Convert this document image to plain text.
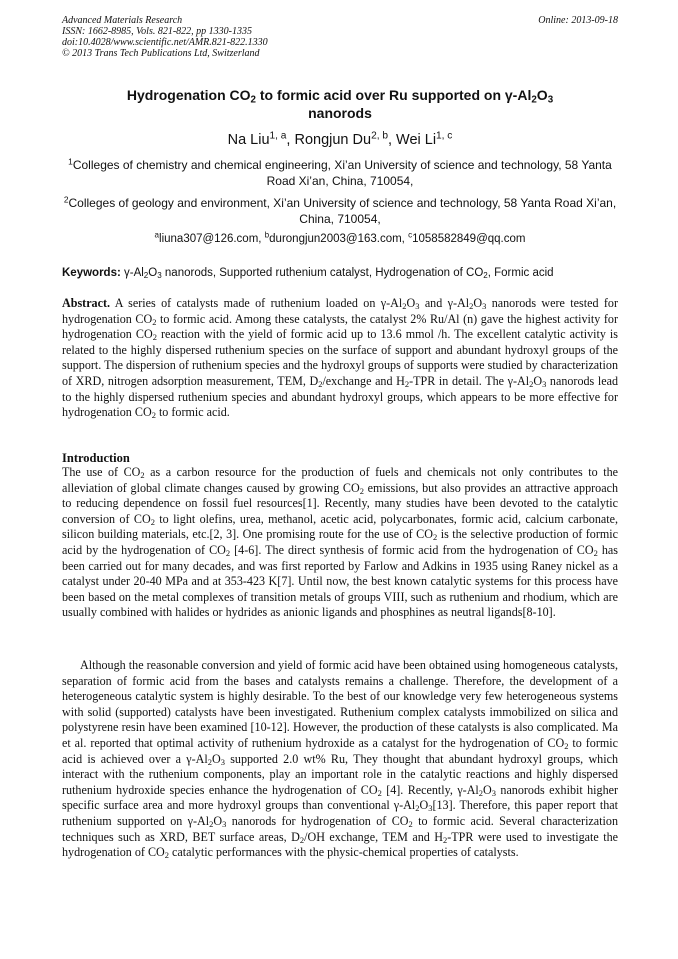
Advanced Materials Research
ISSN: 1662-8985, Vols. 821-822, pp 1330-1335
doi:10.4028/www.scientific.net/AMR.821-822.1330
© 2013 Trans Tech Publications Ltd, Switzerland
Online: 2013-09-18
Hydrogenation $CO_2$ to formic acid over Ru supported on $\gamma-Al_2O_3$
nanorods
Na Liu$^{1, a}$, Rongjun Du$^{2, b}$, Wei Li$^{1, c}$
$^1$Colleges of chemistry and chemical engineering, Xi’an University of science and technology, 58 Yanta Road Xi’an, China, 710054,
$^2$Colleges of geology and environment, Xi’an University of science and technology, 58 Yanta Road Xi’an, China, 710054,
$^a$liuna307@126.com, $^b$durongjun2003@163.com, $^c$1058582849@qq.com
Keywords: $\gamma-Al_2O_3$ nanorods, Supported ruthenium catalyst, Hydrogenation of $CO_2$, Formic acid
Abstract. A series of catalysts made of ruthenium loaded on $\gamma-Al_2O_3$ and $\gamma-Al_2O_3$ nanorods were tested for hydrogenation $CO_2$ to formic acid. Among these catalysts, the catalyst 2% Ru/Al (n) gave the highest activity for hydrogenation $CO_2$ reaction with the yield of formic acid up to 13.6 mmol /h. The excellent catalytic activity is related to the highly dispersed ruthenium species on the surface of support and abundant hydroxyl groups of the support. The dispersion of ruthenium species and the hydroxyl groups of supports were studied by characterization of XRD, nitrogen adsorption measurement, TEM, $D_2$/exchange and $H_2$-TPR in detail. The $\gamma-Al_2O_3$ nanorods lead to the highly dispersed ruthenium species and abundant hydroxyl groups, which appears to be more effective for hydrogenation $CO_2$ to formic acid.
Introduction
The use of $CO_2$ as a carbon resource for the production of fuels and chemicals not only contributes to the alleviation of global climate changes caused by growing $CO_2$ emissions, but also provides an attractive approach to reducing dependence on fossil fuel resources[1]. Recently, many studies have been devoted to the catalytic conversion of $CO_2$ to light olefins, urea, methanol, acetic acid, polycarbonates, formic acid, calcium carbonate, silicon building materials, etc.[2, 3]. One promising route for the use of $CO_2$ is the selective production of formic acid by the hydrogenation of $CO_2$ [4-6]. The direct synthesis of formic acid from the hydrogenation of $CO_2$ has been carried out for many decades, and was first reported by Farlow and Adkins in 1935 using Raney nickel as a catalyst under 20-40 MPa and at 353-423 K[7]. Until now, the best known catalytic systems for this process have been based on the metal complexes of transition metals of groups VIII, such as ruthenium and rhodium, which are usually combined with halides or hydrides as anionic ligands and phosphines as neutral ligands[8-10].
Although the reasonable conversion and yield of formic acid have been obtained using homogeneous catalysts, separation of formic acid from the bases and catalysts remains a challenge. Therefore, the development of a heterogeneous catalytic system is highly desirable. To the best of our knowledge very few heterogeneous systems with solid (supported) catalysts have been investigated. Ruthenium complex catalysts immobilized on silica and polystyrene resin have been examined [10-12]. However, the production of these catalysts is also complicated. Ma et al. reported that optimal activity of ruthenium hydroxide as a catalyst for the hydrogenation of $CO_2$ to formic acid is achieved over a $\gamma-Al_2O_3$ supported 2.0 wt% Ru, They thought that abundant hydroxyl groups, which interact with the ruthenium components, play an important role in the catalytic reactions and highly dispersed ruthenium hydroxide species enhance the hydrogenation of $CO_2$ [4]. Recently, $\gamma-Al_2O_3$ nanorods exhibit higher specific surface area and more hydroxyl groups than conventional $\gamma-Al_2O_3[13]$. Therefore, this paper report that ruthenium supported on $\gamma-Al_2O_3$ nanorods for hydrogenation of $CO_2$ to formic acid. Several characterization techniques such as XRD, BET surface areas, $D_2/OH$ exchange, TEM and $H_2$-TPR were used to investigate the hydrogenation of $CO_2$ catalytic performances with the physic-chemical properties of catalysts.
